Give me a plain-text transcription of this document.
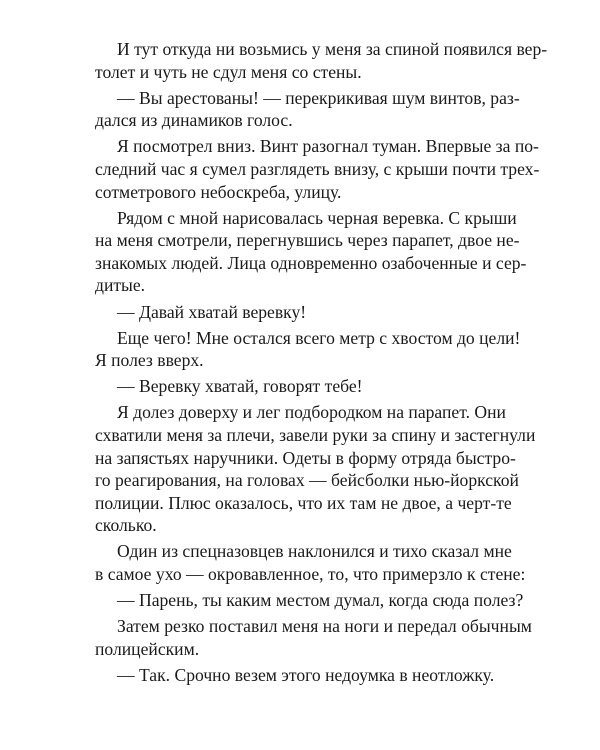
И тут откуда ни возьмись у меня за спиной появился вер-
толет и чуть не сдул меня со стены.
— Вы арестованы! — перекрикивая шум винтов, раз-
дался из динамиков голос.
Я посмотрел вниз. Винт разогнал туман. Впервые за по-
следний час я сумел разглядеть внизу, с крыши почти трех-
сотметрового небоскреба, улицу.
Рядом с мной нарисовалась черная веревка. С крыши
на меня смотрели, перегнувшись через парапет, двое не-
знакомых людей. Лица одновременно озабоченные и сер-
дитые.
— Давай хватай веревку!
Еще чего! Мне остался всего метр с хвостом до цели!
Я полез вверх.
— Веревку хватай, говорят тебе!
Я долез доверху и лег подбородком на парапет. Они
схватили меня за плечи, завели руки за спину и застегнули
на запястьях наручники. Одеты в форму отряда быстро-
го реагирования, на головах — бейсболки нью-йоркской
полиции. Плюс оказалось, что их там не двое, а черт-те
сколько.
Один из спецназовцев наклонился и тихо сказал мне
в самое ухо — окровавленное, то, что примерзло к стене:
— Парень, ты каким местом думал, когда сюда полез?
Затем резко поставил меня на ноги и передал обычным
полицейским.
— Так. Срочно везем этого недоумка в неотложку.
